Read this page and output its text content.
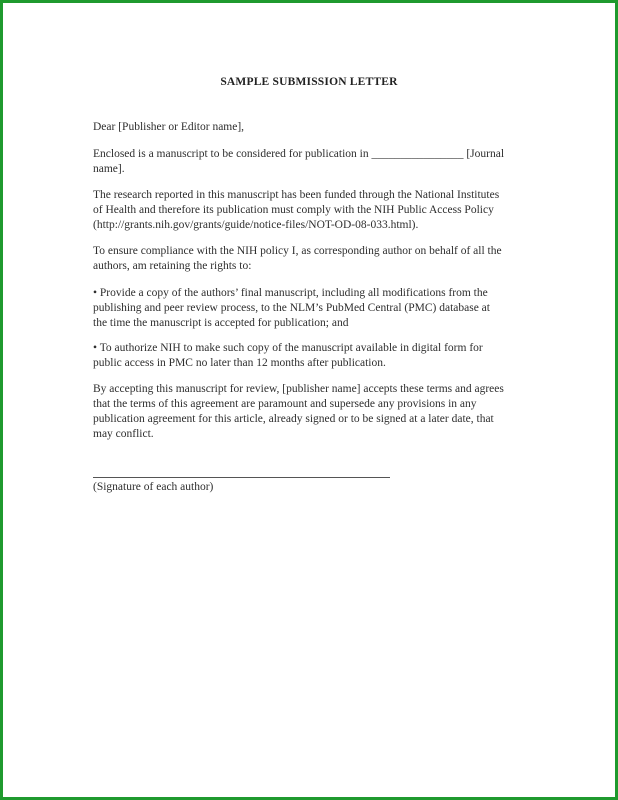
SAMPLE SUBMISSION LETTER
Dear [Publisher or Editor name],
Enclosed is a manuscript to be considered for publication in ________________ [Journal
name].
The research reported in this manuscript has been funded through the National Institutes
of Health and therefore its publication must comply with the NIH Public Access Policy
(http://grants.nih.gov/grants/guide/notice-files/NOT-OD-08-033.html).
To ensure compliance with the NIH policy I, as corresponding author on behalf of all the
authors, am retaining the rights to:
• Provide a copy of the authors’ final manuscript, including all modifications from the
publishing and peer review process, to the NLM’s PubMed Central (PMC) database at
the time the manuscript is accepted for publication; and
• To authorize NIH to make such copy of the manuscript available in digital form for
public access in PMC no later than 12 months after publication.
By accepting this manuscript for review, [publisher name] accepts these terms and agrees
that the terms of this agreement are paramount and supersede any provisions in any
publication agreement for this article, already signed or to be signed at a later date, that
may conflict.
(Signature of each author)
